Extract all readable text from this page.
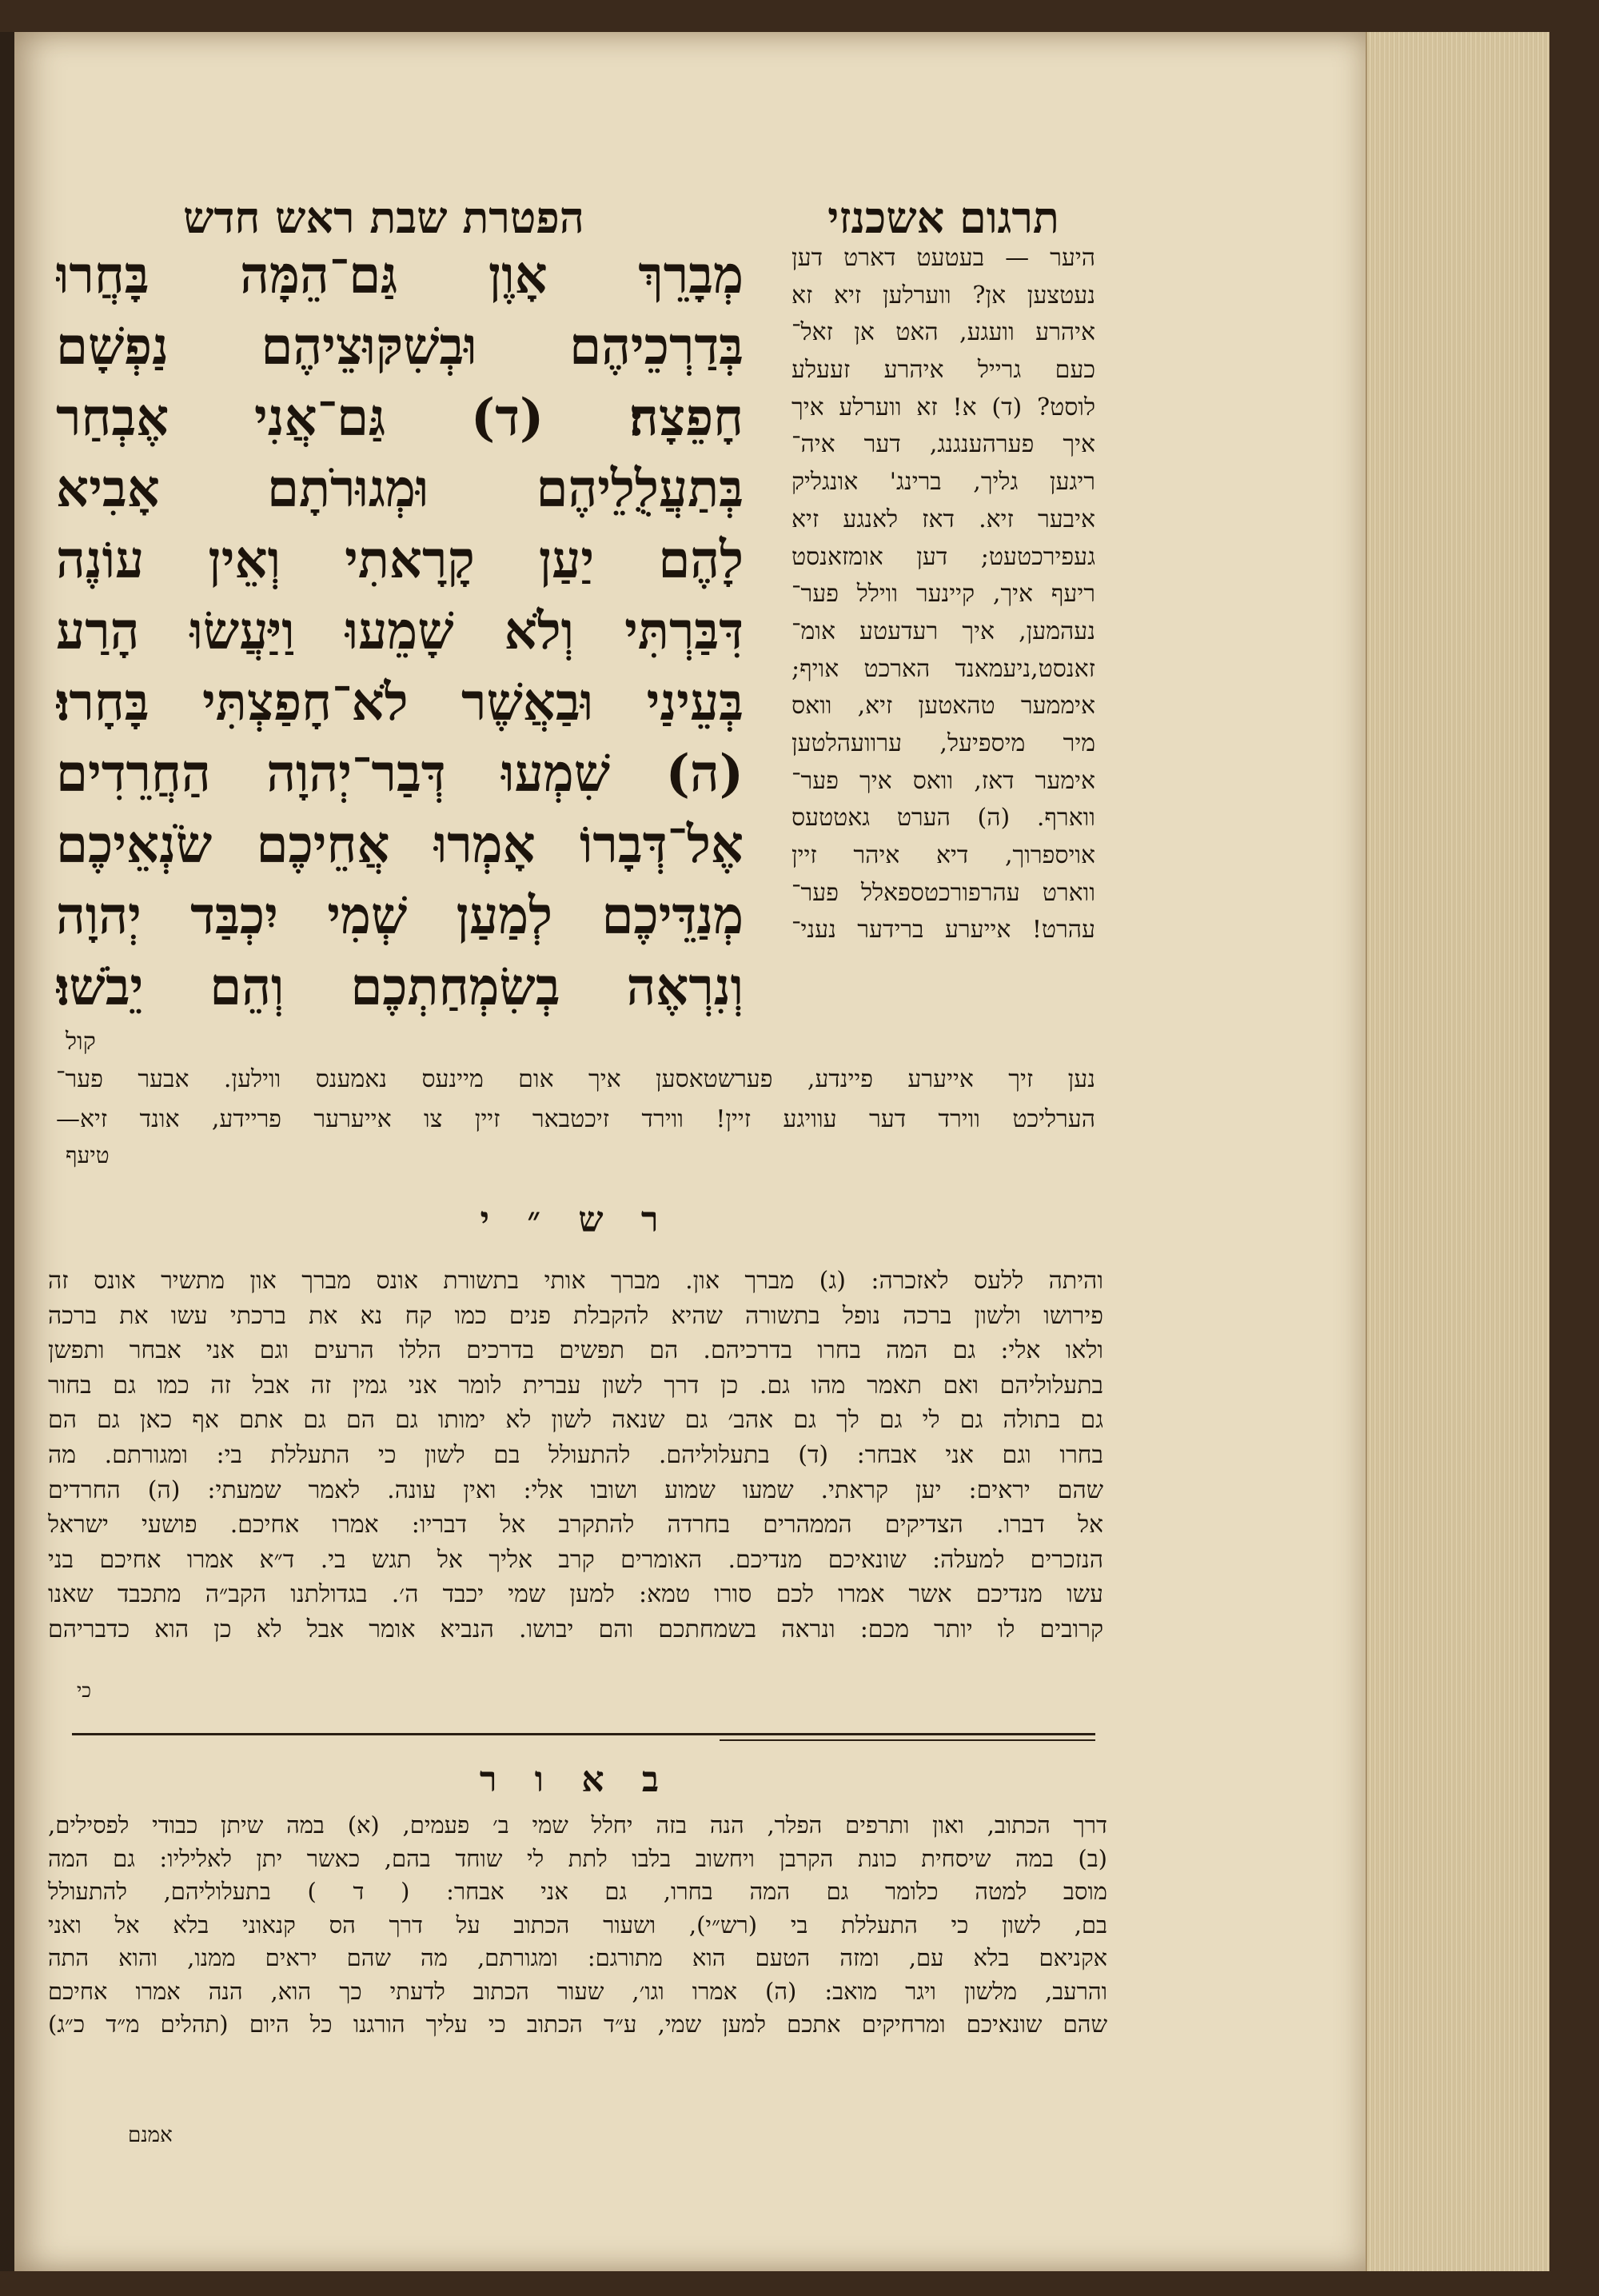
הפטרת שבת ראש חדש	תרגום אשכנזי
מְבָרֵךְ אָוֶן גַּם־הֵמָּה בָּחֲרוּ
בְּדַרְכֵיהֶם וּבְשִׁקּוּצֵיהֶם נַפְשָׁם
חָפֵצָה׃ (ד) גַּם־אֲנִי אֶבְחַר
בְּתַעֲלֻלֵיהֶם וּמְגוּרֹתָם אָבִיא
לָהֶם יַעַן קָרָאתִי וְאֵין עוֹנֶה
דִּבַּרְתִּי וְלֹא שָׁמֵעוּ וַיַּעֲשׂוּ הָרַע
בְּעֵינַי וּבַאֲשֶׁר לֹא־חָפַצְתִּי בָּחָרוּ׃
(ה) שִׁמְעוּ דְּבַר־יְהוָה הַחֲרֵדִים
אֶל־דְּבָרוֹ אָמְרוּ אֲחֵיכֶם שֹׂנְאֵיכֶם
מְנַדֵּיכֶם לְמַעַן שְׁמִי יִכְבַּד יְהוָה
וְנִרְאֶה בְשִׂמְחַתְכֶם וְהֵם יֵבֹשׁוּ׃
קול
היער — בעטעט דארט דען
נעטצען אן? ווערלען זיא זא
איהרע וועגע, האט אן זאל־
כעם גרייל איהרע זעעלע
לוסט? (ד) א! זא ווערלע איך
איך פערהענגנג, דער איה־
ריגען גליך, ברינג' אונגליק
איבער זיא. דאז לאנגע זיא
געפירכטעט; דען אומזאנסט
ריעף איך, קיינער ווילל פער־
נעהמען, איך רעדעטע אומ־
זאנסט,ניעמאנד הארכט אויף;
איממער טהאטען זיא, וואס
מיר מיספיעל, ערוועהלטען
אימער דאז, וואס איך פער־
ווארף. (ה) הערט גאטטעס
אויספרוך, דיא איהר זיין
ווארט עהרפורכטספאלל פער־
עהרט! אייערע ברידער נעני־
נען זיך אייערע פיינדע, פערשטאסען איך אום מיינעס נאמענס ווילען. אבער פער־
הערליכט ווירד דער עוויגע זיין! ווירד זיכטבאר זיין צו אייערער פריידע, אונד זיא—
טיעף
ר ש ״ י
והיתה ללעס לאזכרה: (ג) מברך און. מברך אותי בתשורת אונס מברך און מתשיר אונס זה
פירושו ולשון ברכה נופל בתשורה שהיא להקבלת פנים כמו קח נא את ברכתי עשו את ברכה
ולאו אלי: גם המה בחרו בדרכיהם. הם תפשים בדרכים הללו הרעים וגם אני אבחר ותפשן
בתעלוליהם ואם תאמר מהו גם. כן דרך לשון עברית לומר אני גמין זה אבל זה כמו גם בחור
גם בתולה גם לי גם לך גם אהב׳ גם שנאה לשון לא ימותו גם הם גם אתם אף כאן גם הם
בחרו וגם אני אבחר: (ד) בתעלוליהם. להתעולל בם לשון כי התעללת בי: ומגורתם. מה
שהם יראים: יען קראתי. שמעו שמוע ושובו אלי: ואין עונה. לאמר שמעתי: (ה) החרדים
אל דברו. הצדיקים הממהרים בחרדה להתקרב אל דבריו: אמרו אחיכם. פושעי ישראל
הנזכרים למעלה: שונאיכם מנדיכם. האומרים קרב אליך אל תגש בי. ד״א אמרו אחיכם בני
עשו מנדיכם אשר אמרו לכם סורו טמא: למען שמי יכבד ה׳. בגדולתנו הקב״ה מתכבד שאנו
קרובים לו יותר מכם: ונראה בשמחתכם והם יבושו. הנביא אומר אבל לא כן הוא כדבריהם
כי
ב א ו ר
דרך הכתוב, ואון ותרפים הפלר, הנה בזה יחלל שמי ב׳ פעמים, (א) במה שיתן כבודי לפסילים,
(ב) במה שיסחית כונת הקרבן ויחשוב בלבו לתת לי שוחד בהם, כאשר יתן לאליליו: גם המה
מוסב למטה כלומר גם המה בחרו, גם אני אבחר: ( ד ) בתעלוליהם, להתעולל
בם, לשון כי התעללת בי (רש״י), ושעור הכתוב על דרך הס קנאוני בלא אל ואני
אקניאם בלא עם, ומזה הטעם הוא מתורגם: ומגורתם, מה שהם יראים ממנו, והוא התה
והרעב, מלשון ויגר מואב: (ה) אמרו וגו׳, שעור הכתוב לדעתי כך הוא, הנה אמרו אחיכם
שהם שונאיכם ומרחיקים אתכם למען שמי, ע״ד הכתוב כי עליך הורגנו כל היום (תהלים מ״ד כ״ג)
אמנם
